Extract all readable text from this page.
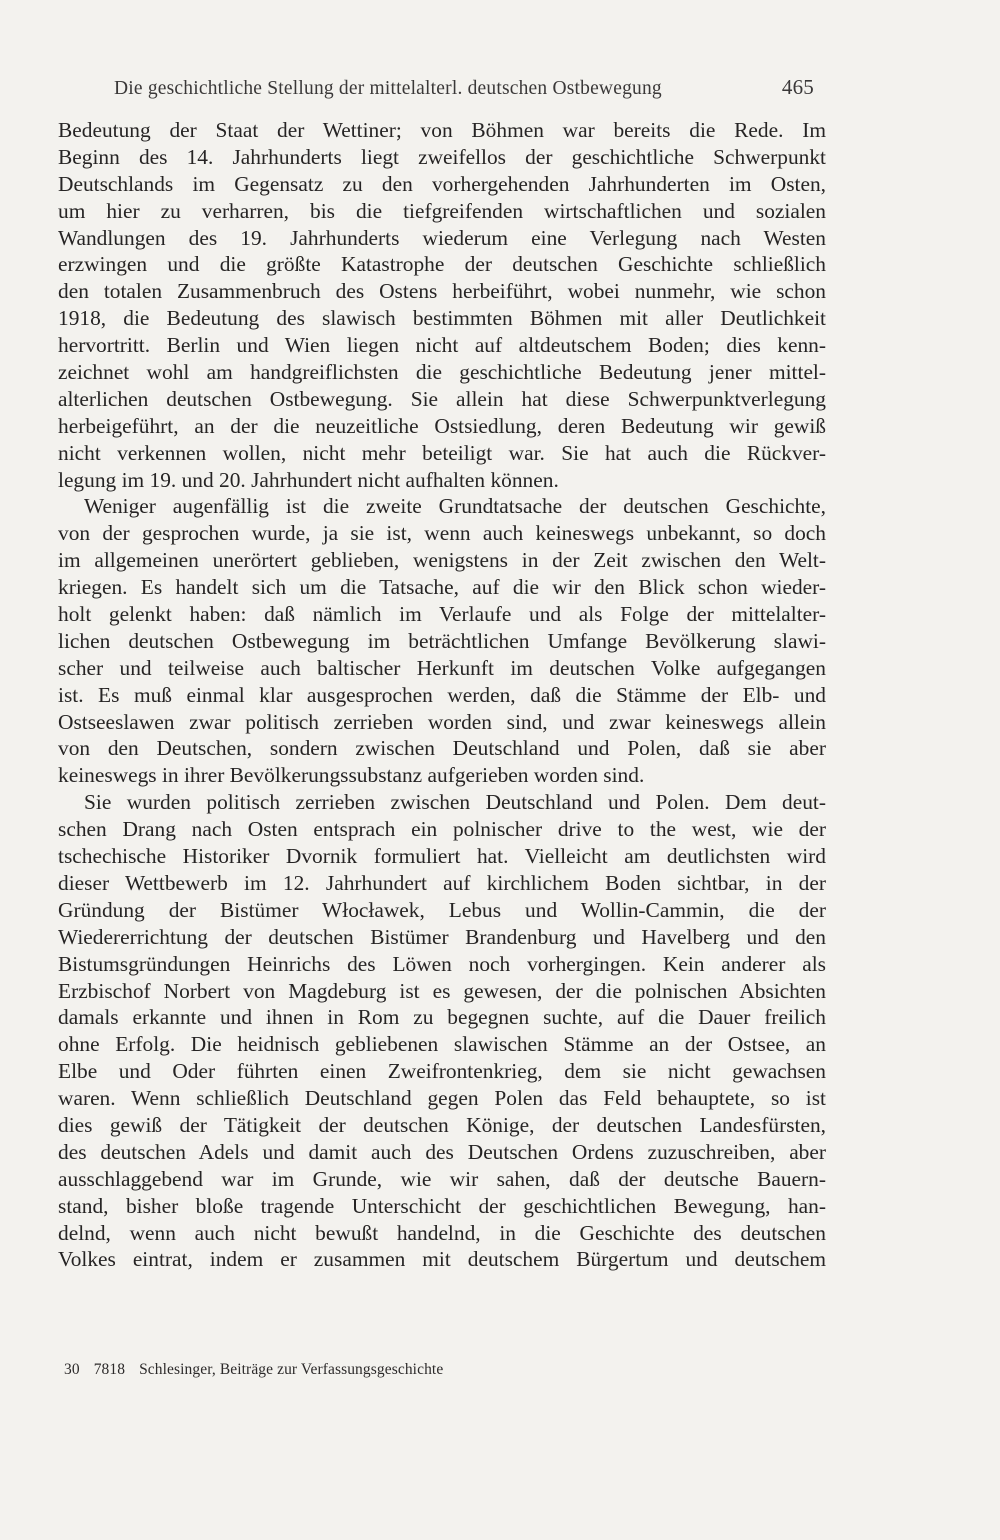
Die geschichtliche Stellung der mittelalterl. deutschen Ostbewegung	465
Bedeutung der Staat der Wettiner; von Böhmen war bereits die Rede. Im
Beginn des 14. Jahrhunderts liegt zweifellos der geschichtliche Schwerpunkt
Deutschlands im Gegensatz zu den vorhergehenden Jahrhunderten im Osten,
um hier zu verharren, bis die tiefgreifenden wirtschaftlichen und sozialen
Wandlungen des 19. Jahrhunderts wiederum eine Verlegung nach Westen
erzwingen und die größte Katastrophe der deutschen Geschichte schließlich
den totalen Zusammenbruch des Ostens herbeiführt, wobei nunmehr, wie schon
1918, die Bedeutung des slawisch bestimmten Böhmen mit aller Deutlichkeit
hervortritt. Berlin und Wien liegen nicht auf altdeutschem Boden; dies kenn-
zeichnet wohl am handgreiflichsten die geschichtliche Bedeutung jener mittel-
alterlichen deutschen Ostbewegung. Sie allein hat diese Schwerpunktverlegung
herbeigeführt, an der die neuzeitliche Ostsiedlung, deren Bedeutung wir gewiß
nicht verkennen wollen, nicht mehr beteiligt war. Sie hat auch die Rückver-
legung im 19. und 20. Jahrhundert nicht aufhalten können.
Weniger augenfällig ist die zweite Grundtatsache der deutschen Geschichte,
von der gesprochen wurde, ja sie ist, wenn auch keineswegs unbekannt, so doch
im allgemeinen unerörtert geblieben, wenigstens in der Zeit zwischen den Welt-
kriegen. Es handelt sich um die Tatsache, auf die wir den Blick schon wieder-
holt gelenkt haben: daß nämlich im Verlaufe und als Folge der mittelalter-
lichen deutschen Ostbewegung im beträchtlichen Umfange Bevölkerung slawi-
scher und teilweise auch baltischer Herkunft im deutschen Volke aufgegangen
ist. Es muß einmal klar ausgesprochen werden, daß die Stämme der Elb- und
Ostseeslawen zwar politisch zerrieben worden sind, und zwar keineswegs allein
von den Deutschen, sondern zwischen Deutschland und Polen, daß sie aber
keineswegs in ihrer Bevölkerungssubstanz aufgerieben worden sind.
Sie wurden politisch zerrieben zwischen Deutschland und Polen. Dem deut-
schen Drang nach Osten entsprach ein polnischer drive to the west, wie der
tschechische Historiker Dvornik formuliert hat. Vielleicht am deutlichsten wird
dieser Wettbewerb im 12. Jahrhundert auf kirchlichem Boden sichtbar, in der
Gründung der Bistümer Włocławek, Lebus und Wollin-Cammin, die der
Wiedererrichtung der deutschen Bistümer Brandenburg und Havelberg und den
Bistumsgründungen Heinrichs des Löwen noch vorhergingen. Kein anderer als
Erzbischof Norbert von Magdeburg ist es gewesen, der die polnischen Absichten
damals erkannte und ihnen in Rom zu begegnen suchte, auf die Dauer freilich
ohne Erfolg. Die heidnisch gebliebenen slawischen Stämme an der Ostsee, an
Elbe und Oder führten einen Zweifrontenkrieg, dem sie nicht gewachsen
waren. Wenn schließlich Deutschland gegen Polen das Feld behauptete, so ist
dies gewiß der Tätigkeit der deutschen Könige, der deutschen Landesfürsten,
des deutschen Adels und damit auch des Deutschen Ordens zuzuschreiben, aber
ausschlaggebend war im Grunde, wie wir sahen, daß der deutsche Bauern-
stand, bisher bloße tragende Unterschicht der geschichtlichen Bewegung, han-
delnd, wenn auch nicht bewußt handelnd, in die Geschichte des deutschen
Volkes eintrat, indem er zusammen mit deutschem Bürgertum und deutschem
30 7818 Schlesinger, Beiträge zur Verfassungsgeschichte
